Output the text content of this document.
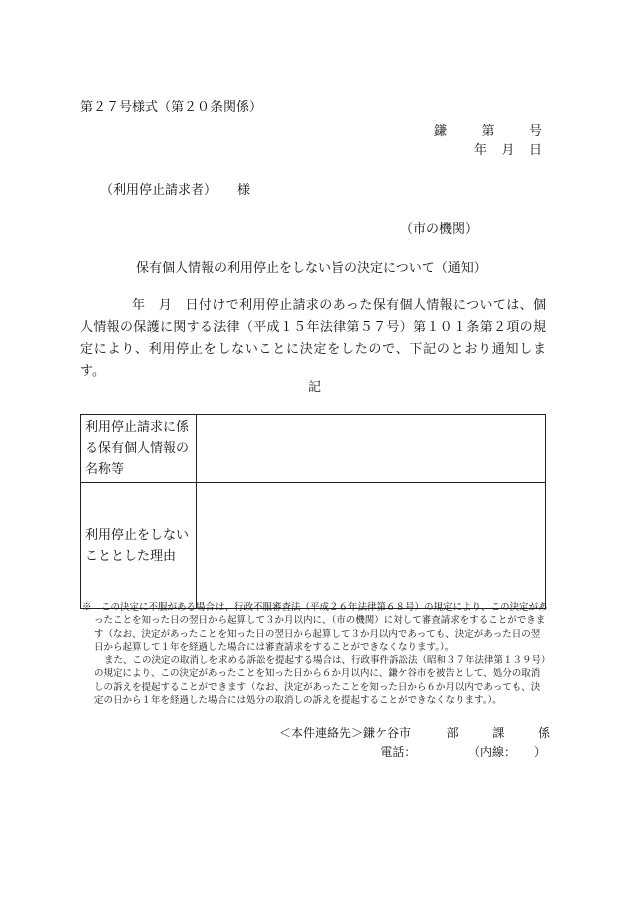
第２７号様式（第２０条関係）
鎌	第	号
年 月 日
（利用停止請求者） 様
（市の機関）
保有個人情報の利用停止をしない旨の決定について（通知）
年　月　日付けで利用停止請求のあった保有個人情報については、個人情報の保護に関する法律（平成１５年法律第５７号）第１０１条第２項の規定により、利用停止をしないことに決定をしたので、下記のとおり通知します。
記
利用停止請求に係る保有個人情報の名称等	
利用停止をしないこととした理由	

※　この決定に不服がある場合は、行政不服審査法（平成２６年法律第６８号）の規定により、この決定があったことを知った日の翌日から起算して３か月以内に、（市の機関）に対して審査請求をすることができます（なお、決定があったことを知った日の翌日から起算して３か月以内であっても、決定があった日の翌日から起算して１年を経過した場合には審査請求をすることができなくなります。）。

また、この決定の取消しを求める訴訟を提起する場合は、行政事件訴訟法（昭和３７年法律第１３９号）の規定により、この決定があったことを知った日から６か月以内に、鎌ケ谷市を被告として、処分の取消しの訴えを提起することができます（なお、決定があったことを知った日から６か月以内であっても、決定の日から１年を経過した場合には処分の取消しの訴えを提起することができなくなります。）。

＜本件連絡先＞鎌ケ谷市	部	課	係
電話：	（内線：　　）
